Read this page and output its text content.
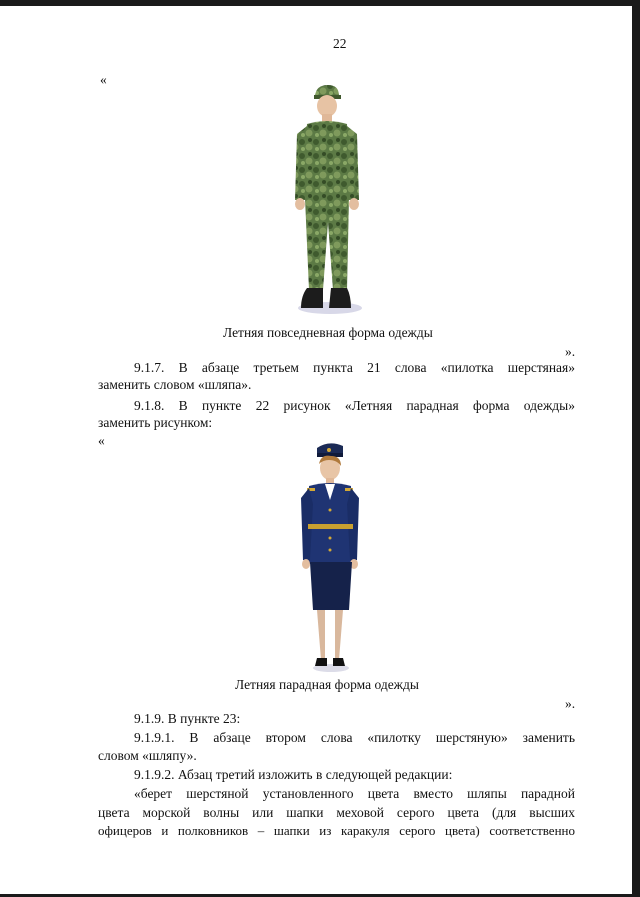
22
«
Летняя повседневная форма одежды
».
9.1.7. В абзаце третьем пункта 21 слова «пилотка шерстяная»
заменить словом «шляпа».
9.1.8. В пункте 22 рисунок «Летняя парадная форма одежды»
заменить рисунком:
«
Летняя парадная форма одежды
».
9.1.9. В пункте 23:
9.1.9.1. В абзаце втором слова «пилотку шерстяную» заменить
словом «шляпу».
9.1.9.2. Абзац третий изложить в следующей редакции:
«берет шерстяной установленного цвета вместо шляпы парадной
цвета морской волны или шапки меховой серого цвета (для высших
офицеров и полковников – шапки из каракуля серого цвета) соответственно
